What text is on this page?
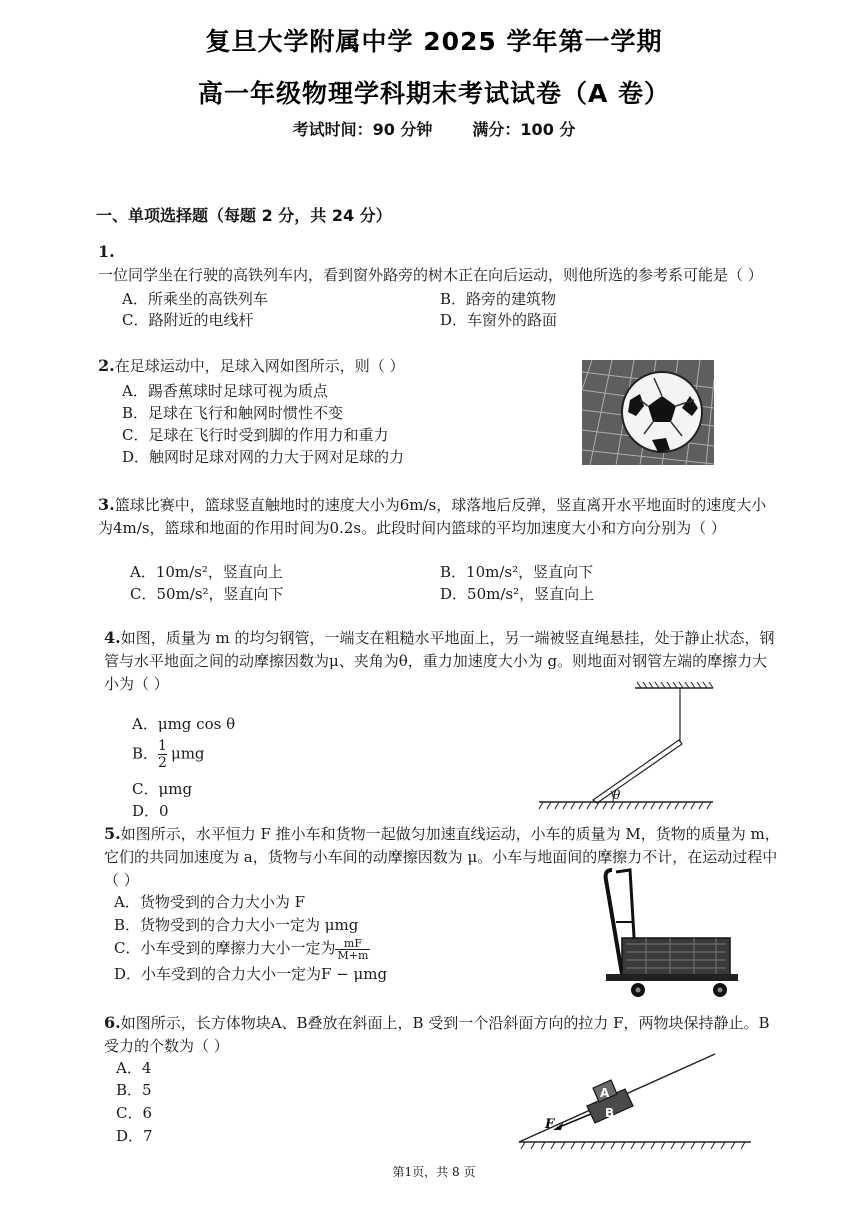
复旦大学附属中学 2025 学年第一学期
高一年级物理学科期末考试试卷（A 卷）
考试时间：90 分钟	满分：100 分
一、单项选择题（每题 2 分，共 24 分）
1.一位同学坐在行驶的高铁列车内，看到窗外路旁的树木正在向后运动，则他所选的参考系可能是（ ）
A．所乘坐的高铁列车	B．路旁的建筑物
C．路附近的电线杆	D．车窗外的路面
2.在足球运动中，足球入网如图所示，则（ ）
A．踢香蕉球时足球可视为质点
B．足球在飞行和触网时惯性不变
C．足球在飞行时受到脚的作用力和重力
D．触网时足球对网的力大于网对足球的力
3.篮球比赛中，篮球竖直触地时的速度大小为6m/s，球落地后反弹，竖直离开水平地面时的速度大小为4m/s，篮球和地面的作用时间为0.2s。此段时间内篮球的平均加速度大小和方向分别为（ ）
A．10m/s²，竖直向上	B．10m/s²，竖直向下
C．50m/s²，竖直向下	D．50m/s²，竖直向上
4.如图，质量为 m 的均匀钢管，一端支在粗糙水平地面上，另一端被竖直绳悬挂，处于静止状态，钢管与水平地面之间的动摩擦因数为μ、夹角为θ，重力加速度大小为 g。则地面对钢管左端的摩擦力大小为（ ）
A．μmg cos θ
B． $\frac{1}{2}$ μmg
C．μmg
D．0
θ
5.如图所示，水平恒力 F 推小车和货物一起做匀加速直线运动，小车的质量为 M，货物的质量为 m，它们的共同加速度为 a，货物与小车间的动摩擦因数为 μ。小车与地面间的摩擦力不计，在运动过程中（ ）
A．货物受到的合力大小为 F
B．货物受到的合力大小一定为 μmg
C．小车受到的摩擦力大小一定为 $\frac{mF}{M+m}$
D．小车受到的合力大小一定为F − μmg
6.如图所示，长方体物块A、B叠放在斜面上，B 受到一个沿斜面方向的拉力 F，两物块保持静止。B 受力的个数为（ ）
A．4
B．5
C．6
D．7
A
B
F
第1页，共 8 页
